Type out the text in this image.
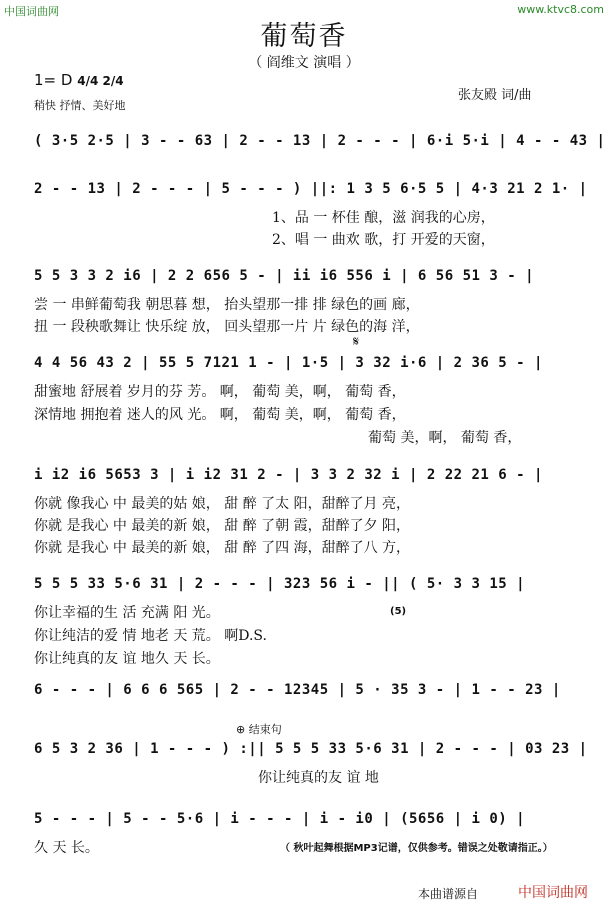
中国词曲网	www.ktvc8.com
葡萄香
（ 阎维文 演唱 ）
1= D 4/4 2/4
稍快 抒情、美好地
张友殿 词/曲
( 3·5 2·5 | 3 - - 63 | 2 - - 13 | 2 - - - | 6·i 5·i | 4 - - 43 |
2 - - 13 | 2 - - - | 5 - - - ) ||: 1 3 5 6·5 5 | 4·3 21 2 1· |
1、品 一 杯佳 酿，滋 润我的心房，
2、唱 一 曲欢 歌，打 开爱的天窗，
5 5 3 3 2 i6 | 2 2 656 5 - | ii i6 556 i | 6 56 51 3 - |
尝 一 串鲜葡萄我 朝思暮 想， 抬头望那一排 排 绿色的画 廊，
扭 一 段秧歌舞让 快乐绽 放， 回头望那一片 片 绿色的海 洋，
𝄋
4 4 56 43 2 | 55 5 7121 1 - | 1·5 | 3 32 i·6 | 2 36 5 - |
甜蜜地 舒展着 岁月的芬 芳。 啊， 葡萄 美，啊， 葡萄 香，
深情地 拥抱着 迷人的风 光。 啊， 葡萄 美，啊， 葡萄 香，
葡萄 美，啊， 葡萄 香，
i i2 i6 5653 3 | i i2 31 2 - | 3 3 2 32 i | 2 22 21 6 - |
你就 像我心 中 最美的姑 娘， 甜 醉 了太 阳，甜醉了月 亮，
你就 是我心 中 最美的新 娘， 甜 醉 了朝 霞，甜醉了夕 阳，
你就 是我心 中 最美的新 娘， 甜 醉 了四 海，甜醉了八 方，
5 5 5 33 5·6 31 | 2 - - - | 323 56 i - || ( 5· 3 3 15 |
你让幸福的生 活 充满 阳 光。	(5)
你让纯洁的爱 情 地老 天 荒。 啊D.S.
你让纯真的友 谊 地久 天 长。
6 - - - | 6 6 6 565 | 2 - - 12345 | 5 · 35 3 - | 1 - - 23 |
⊕ 结束句
6 5 3 2 36 | 1 - - - ) :|| 5 5 5 33 5·6 31 | 2 - - - | 03 23 |
你让纯真的友 谊 地
5 - - - | 5 - - 5·6 | i - - - | i - i0 | (5656 | i 0) |
久 天 长。	（ 秋叶起舞根据MP3记谱，仅供参考。错误之处敬请指正。）
本曲谱源自	中国词曲网
